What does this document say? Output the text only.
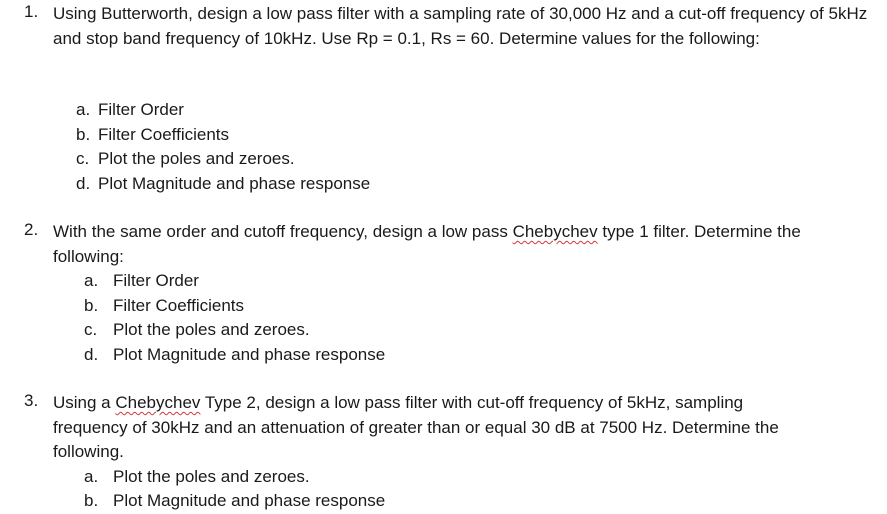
1. Using Butterworth, design a low pass filter with a sampling rate of 30,000 Hz and a cut-off frequency of 5kHz and stop band frequency of 10kHz. Use Rp = 0.1, Rs = 60. Determine values for the following:
a. Filter Order
b. Filter Coefficients
c. Plot the poles and zeroes.
d. Plot Magnitude and phase response
2. With the same order and cutoff frequency, design a low pass Chebychev type 1 filter. Determine the following:
a. Filter Order
b. Filter Coefficients
c. Plot the poles and zeroes.
d. Plot Magnitude and phase response
3. Using a Chebychev Type 2, design a low pass filter with cut-off frequency of 5kHz, sampling frequency of 30kHz and an attenuation of greater than or equal 30 dB at 7500 Hz. Determine the following.
a. Plot the poles and zeroes.
b. Plot Magnitude and phase response
